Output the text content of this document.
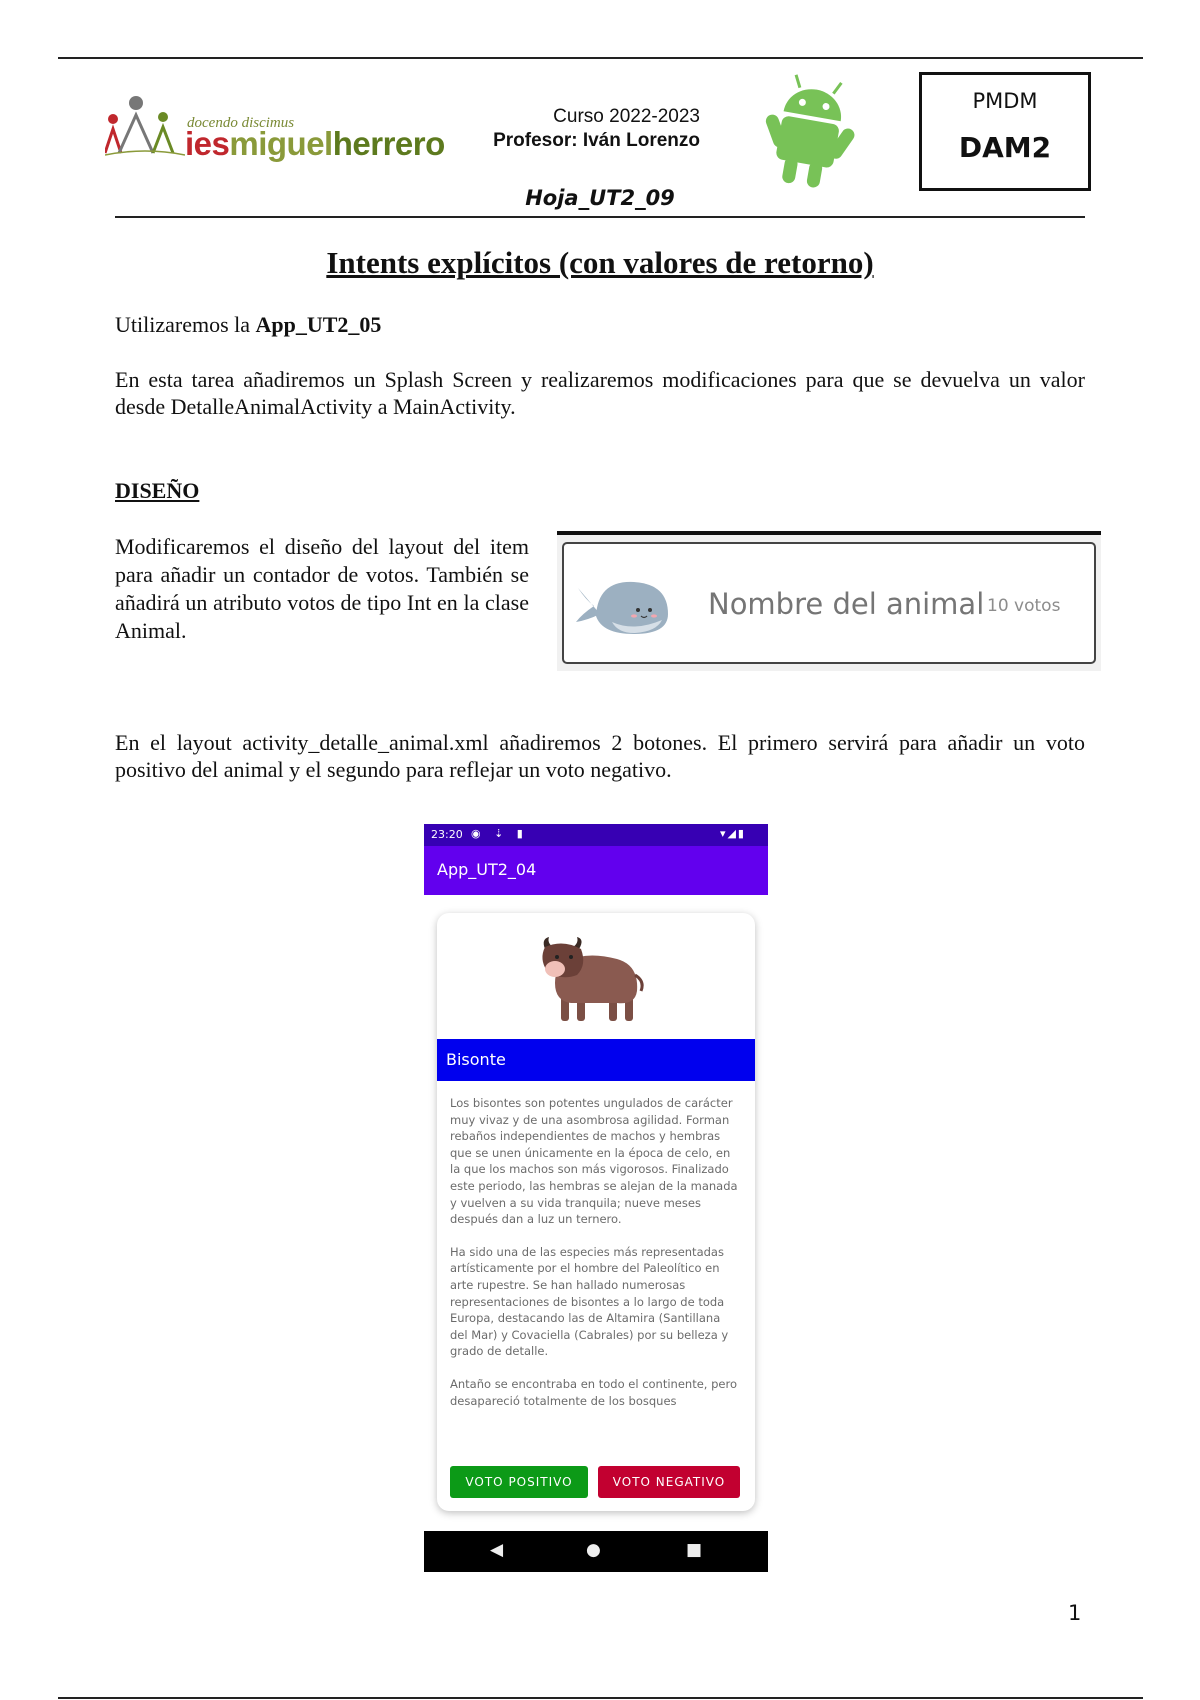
docendo discimus
iesmiguelherrero
Curso 2022-2023
Profesor: Iván Lorenzo
PMDM
DAM2
Hoja_UT2_09
Intents explícitos (con valores de retorno)
Utilizaremos la App_UT2_05
En esta tarea añadiremos un Splash Screen y realizaremos modificaciones para que se devuelva un valor desde DetalleAnimalActivity a MainActivity.
DISEÑO
Modificaremos el diseño del layout del item para añadir un contador de votos. También se añadirá un atributo votos de tipo Int en la clase Animal.
Nombre del animal 10 votos
En el layout activity_detalle_animal.xml añadiremos 2 botones. El primero servirá para añadir un voto positivo del animal y el segundo para reflejar un voto negativo.
23:20 ◉ ⇣ ▮	▾◢▮
App_UT2_04
Bisonte

Los bisontes son potentes ungulados de carácter muy vivaz y de una asombrosa agilidad. Forman rebaños independientes de machos y hembras que se unen únicamente en la época de celo, en la que los machos son más vigorosos. Finalizado este periodo, las hembras se alejan de la manada y vuelven a su vida tranquila; nueve meses después dan a luz un ternero.

Ha sido una de las especies más representadas artísticamente por el hombre del Paleolítico en arte rupestre. Se han hallado numerosas representaciones de bisontes a lo largo de toda Europa, destacando las de Altamira (Santillana del Mar) y Covaciella (Cabrales) por su belleza y grado de detalle.

Antaño se encontraba en todo el continente, pero desapareció totalmente de los bosques

VOTO POSITIVO	VOTO NEGATIVO
◀	●	■
1
